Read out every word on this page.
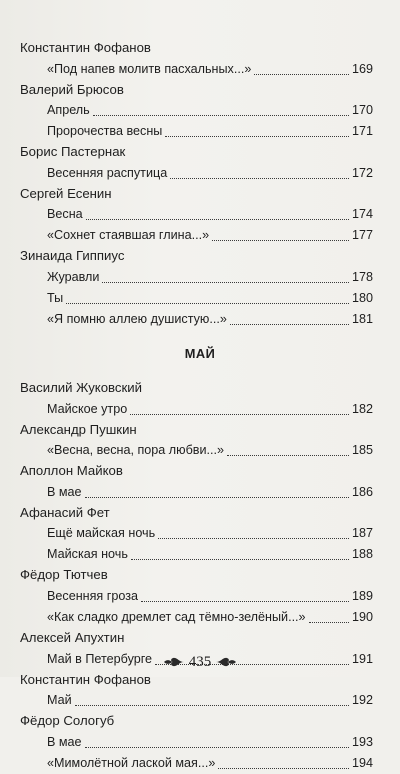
Константин Фофанов
«Под напев молитв пасхальных...»	169
Валерий Брюсов
Апрель	170
Пророчества весны	171
Борис Пастернак
Весенняя распутица	172
Сергей Есенин
Весна	174
«Сохнет стаявшая глина...»	177
Зинаида Гиппиус
Журавли	178
Ты	180
«Я помню аллею душистую...»	181
МАЙ
Василий Жуковский
Майское утро	182
Александр Пушкин
«Весна, весна, пора любви...»	185
Аполлон Майков
В мае	186
Афанасий Фет
Ещё майская ночь	187
Майская ночь	188
Фёдор Тютчев
Весенняя гроза	189
«Как сладко дремлет сад тёмно-зелёный...»	190
Алексей Апухтин
Май в Петербурге	191
Константин Фофанов
Май	192
Фёдор Сологуб
В мае	193
«Мимолётной лаской мая...»	194
435
